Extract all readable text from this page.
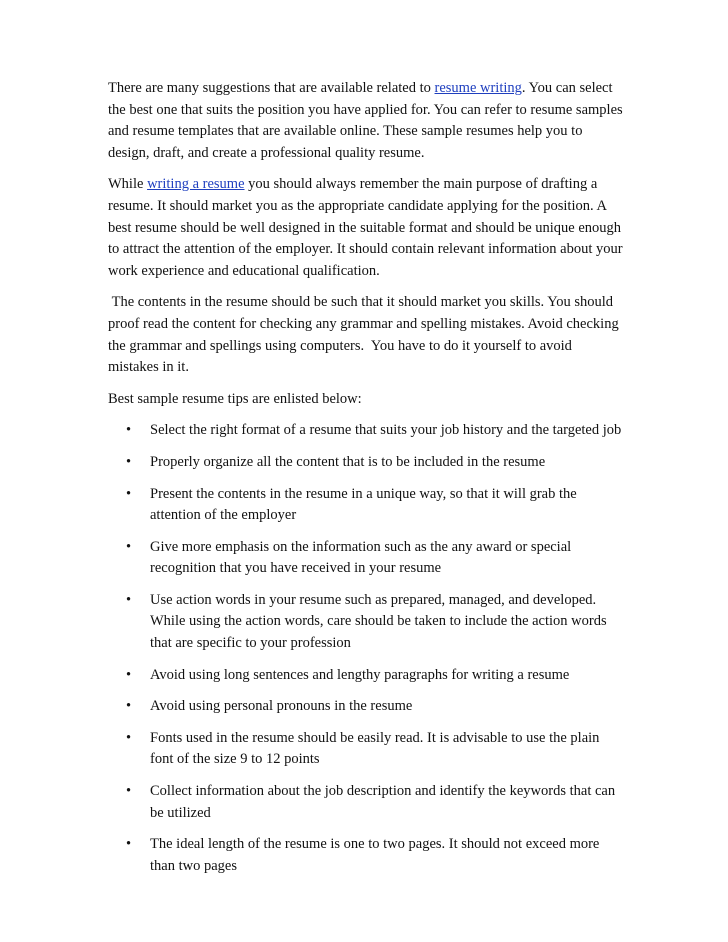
There are many suggestions that are available related to resume writing. You can select the best one that suits the position you have applied for. You can refer to resume samples and resume templates that are available online. These sample resumes help you to design, draft, and create a professional quality resume.

While writing a resume you should always remember the main purpose of drafting a resume. It should market you as the appropriate candidate applying for the position. A best resume should be well designed in the suitable format and should be unique enough to attract the attention of the employer. It should contain relevant information about your work experience and educational qualification.

The contents in the resume should be such that it should market you skills. You should proof read the content for checking any grammar and spelling mistakes. Avoid checking the grammar and spellings using computers.  You have to do it yourself to avoid mistakes in it.

Best sample resume tips are enlisted below:

• Select the right format of a resume that suits your job history and the targeted job
• Properly organize all the content that is to be included in the resume
• Present the contents in the resume in a unique way, so that it will grab the attention of the employer
• Give more emphasis on the information such as the any award or special recognition that you have received in your resume
• Use action words in your resume such as prepared, managed, and developed. While using the action words, care should be taken to include the action words that are specific to your profession
• Avoid using long sentences and lengthy paragraphs for writing a resume
• Avoid using personal pronouns in the resume
• Fonts used in the resume should be easily read. It is advisable to use the plain font of the size 9 to 12 points
• Collect information about the job description and identify the keywords that can be utilized
• The ideal length of the resume is one to two pages. It should not exceed more than two pages
